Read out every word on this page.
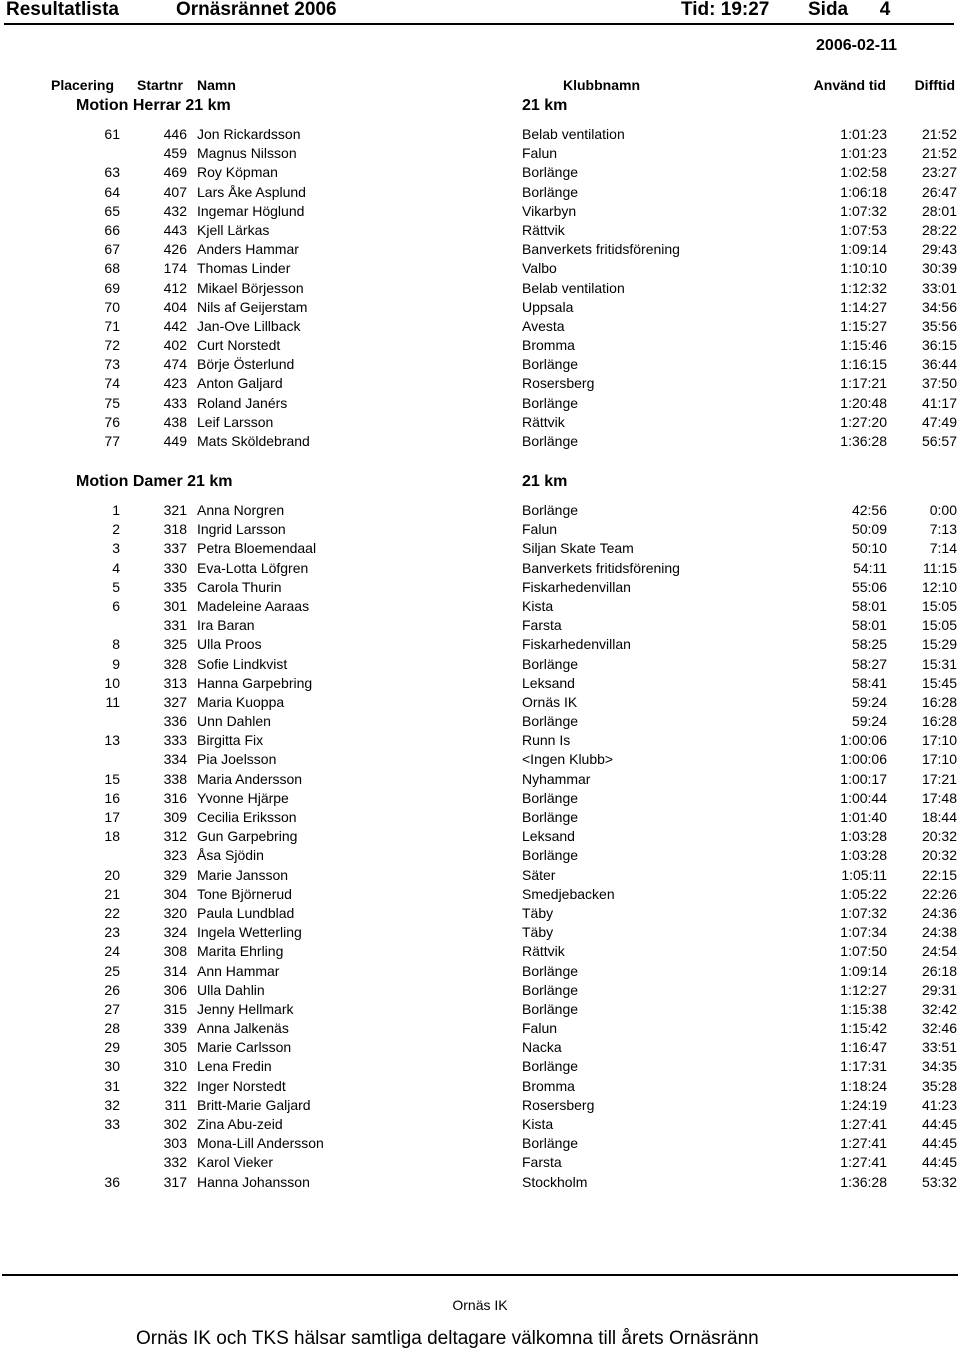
Resultatlista	Ornäsrännet 2006	Tid: 19:27 Sida      4
2006-02-11
Placering Startnr Namn	Klubbnamn	Använd tid Difftid
Motion Herrar 21 km	21 km
61	446 Jon Rickardsson	Belab ventilation	1:01:23 21:52
459 Magnus Nilsson	Falun	1:01:23 21:52
63	469 Roy Köpman	Borlänge	1:02:58 23:27
64	407 Lars Åke Asplund	Borlänge	1:06:18 26:47
65	432 Ingemar Höglund	Vikarbyn	1:07:32 28:01
66	443 Kjell Lärkas	Rättvik	1:07:53 28:22
67	426 Anders Hammar	Banverkets fritidsförening	1:09:14 29:43
68	174 Thomas Linder	Valbo	1:10:10 30:39
69	412 Mikael Börjesson	Belab ventilation	1:12:32 33:01
70	404 Nils af Geijerstam	Uppsala	1:14:27 34:56
71	442 Jan-Ove Lillback	Avesta	1:15:27 35:56
72	402 Curt Norstedt	Bromma	1:15:46 36:15
73	474 Börje Österlund	Borlänge	1:16:15 36:44
74	423 Anton Galjard	Rosersberg	1:17:21 37:50
75	433 Roland Janérs	Borlänge	1:20:48 41:17
76	438 Leif Larsson	Rättvik	1:27:20 47:49
77	449 Mats Sköldebrand	Borlänge	1:36:28 56:57
Motion Damer 21 km	21 km
1	321 Anna Norgren	Borlänge	42:56	0:00
2	318 Ingrid Larsson	Falun	50:09	7:13
3	337 Petra Bloemendaal	Siljan Skate Team	50:10	7:14
4	330 Eva-Lotta Löfgren	Banverkets fritidsförening	54:11	11:15
5	335 Carola Thurin	Fiskarhedenvillan	55:06 12:10
6	301 Madeleine Aaraas	Kista	58:01 15:05
331 Ira Baran	Farsta	58:01 15:05
8	325 Ulla Proos	Fiskarhedenvillan	58:25 15:29
9	328 Sofie Lindkvist	Borlänge	58:27 15:31
10	313 Hanna Garpebring	Leksand	58:41 15:45
11	327 Maria Kuoppa	Ornäs IK	59:24 16:28
336 Unn Dahlen	Borlänge	59:24 16:28
13	333 Birgitta Fix	Runn Is	1:00:06 17:10
334 Pia Joelsson	<Ingen Klubb>	1:00:06 17:10
15	338 Maria Andersson	Nyhammar	1:00:17 17:21
16	316 Yvonne Hjärpe	Borlänge	1:00:44 17:48
17	309 Cecilia Eriksson	Borlänge	1:01:40 18:44
18	312 Gun Garpebring	Leksand	1:03:28 20:32
323 Åsa Sjödin	Borlänge	1:03:28 20:32
20	329 Marie Jansson	Säter	1:05:11 22:15
21	304 Tone Björnerud	Smedjebacken	1:05:22 22:26
22	320 Paula Lundblad	Täby	1:07:32 24:36
23	324 Ingela Wetterling	Täby	1:07:34 24:38
24	308 Marita Ehrling	Rättvik	1:07:50 24:54
25	314 Ann Hammar	Borlänge	1:09:14 26:18
26	306 Ulla Dahlin	Borlänge	1:12:27 29:31
27	315 Jenny Hellmark	Borlänge	1:15:38 32:42
28	339 Anna Jalkenäs	Falun	1:15:42 32:46
29	305 Marie Carlsson	Nacka	1:16:47 33:51
30	310 Lena Fredin	Borlänge	1:17:31 34:35
31	322 Inger Norstedt	Bromma	1:18:24 35:28
32	311 Britt-Marie Galjard	Rosersberg	1:24:19 41:23
33	302 Zina Abu-zeid	Kista	1:27:41 44:45
303 Mona-Lill Andersson	Borlänge	1:27:41 44:45
332 Karol Vieker	Farsta	1:27:41 44:45
36	317 Hanna Johansson	Stockholm	1:36:28 53:32
Ornäs IK
Ornäs IK och TKS hälsar samtliga deltagare välkomna till årets Ornäsränn
